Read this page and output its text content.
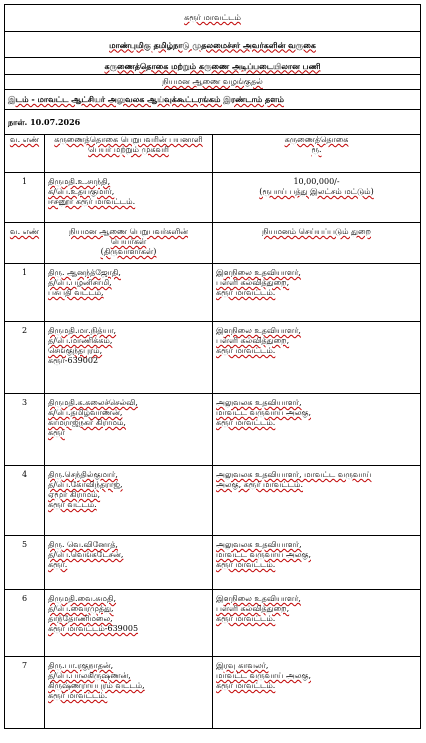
கரூர் மாவட்டம்
மாண்புமிகு தமிழ்நாடு முதலமைச்சர் அவர்களின் வருகை
கருணைத்தொகை மற்றும் கருணை அடிப்படையிலான பணி
நியமன ஆணை வழங்குதல்
இடம் - மாவட்ட ஆட்சியர் அலுவலக ஆய்வுக்கூட்டரங்கம் இரண்டாம் தளம்
நாள். 10.07.2026
வ. எண்	கருணைத்தொகை பெறுபவரின் பயனாளி
பெயர் மற்றும் முகவரி	கருணைத்தொகை
ரூ.

1	திருமதி.உ.சாந்தி,
க/பெ.உதயகுமார்,
ஈசனூர் கரூர் மாவட்டம்.	10,00,000/-
(ரூபாய் பத்து இலட்சம் மட்டும்)
வ. எண்	நியமன ஆணை பெறுபவர்களின்
பெயர்கள்
(திருவாளர்கள்)	நியமனம் செய்யப்படும் துறை

1	திரு. ஆனந்த்ஜோதி,
த/பெ.பழனிசாமி,
பசுபதி வட்டம்,	இளநிலை உதவியாளர்,
பள்ளி கல்வித்துறை,
கரூர் மாவட்டம்.

2	திருமதி.மா.நித்யா,
த/பெ.மாணிக்கம்,
செங்குந்தபுரம்,
கரூர்-639002	இளநிலை உதவியாளர்,
பள்ளி கல்வித்துறை,
கரூர் மாவட்டம்.

3	திருமதி.க.கலைச்செல்வி,
க/பெ.தமிழ்வாணன்,
காமராஜ்நகர் கிராமம்,
கரூர்	அலுவலக உதவியாளர்,
மாவட்ட வருவாய் அலகு,
கரூர் மாவட்டம்.

4	திரு.செந்தில்குமார்,
த/பெ.கோவிந்தராஜ்,
ஏமூர் கிராமம்,
கரூர் வட்டம்.	அலுவலக உதவியாளர், மாவட்ட வருவாய்
அலகு, கரூர் மாவட்டம்.

5	திரு. வெ.வினோத்,
த/பெ.வெங்கடேசன்,
கரூர்.	அலுவலக உதவியாளர்,
மாவட்ட வருவாய் அலகு,
கரூர் மாவட்டம்.

6	திருமதி.வை.சுமதி,
த/பெ.வைரமுத்து,
தாந்தோணிமலை,
கரூர் மாவட்டம்-639005	இளநிலை உதவியாளர்,
பள்ளி கல்வித்துறை,
கரூர் மாவட்டம்.

7	திரு.பா.ரகுநாதன்,
த/பெ.பாலகிருஷ்ணன்,
கிருஷ்ணராயபுரம் வட்டம்,
கரூர் மாவட்டம்.	இரவு காவலர்,
மாவட்ட வருவாய் அலகு,
கரூர் மாவட்டம்.
